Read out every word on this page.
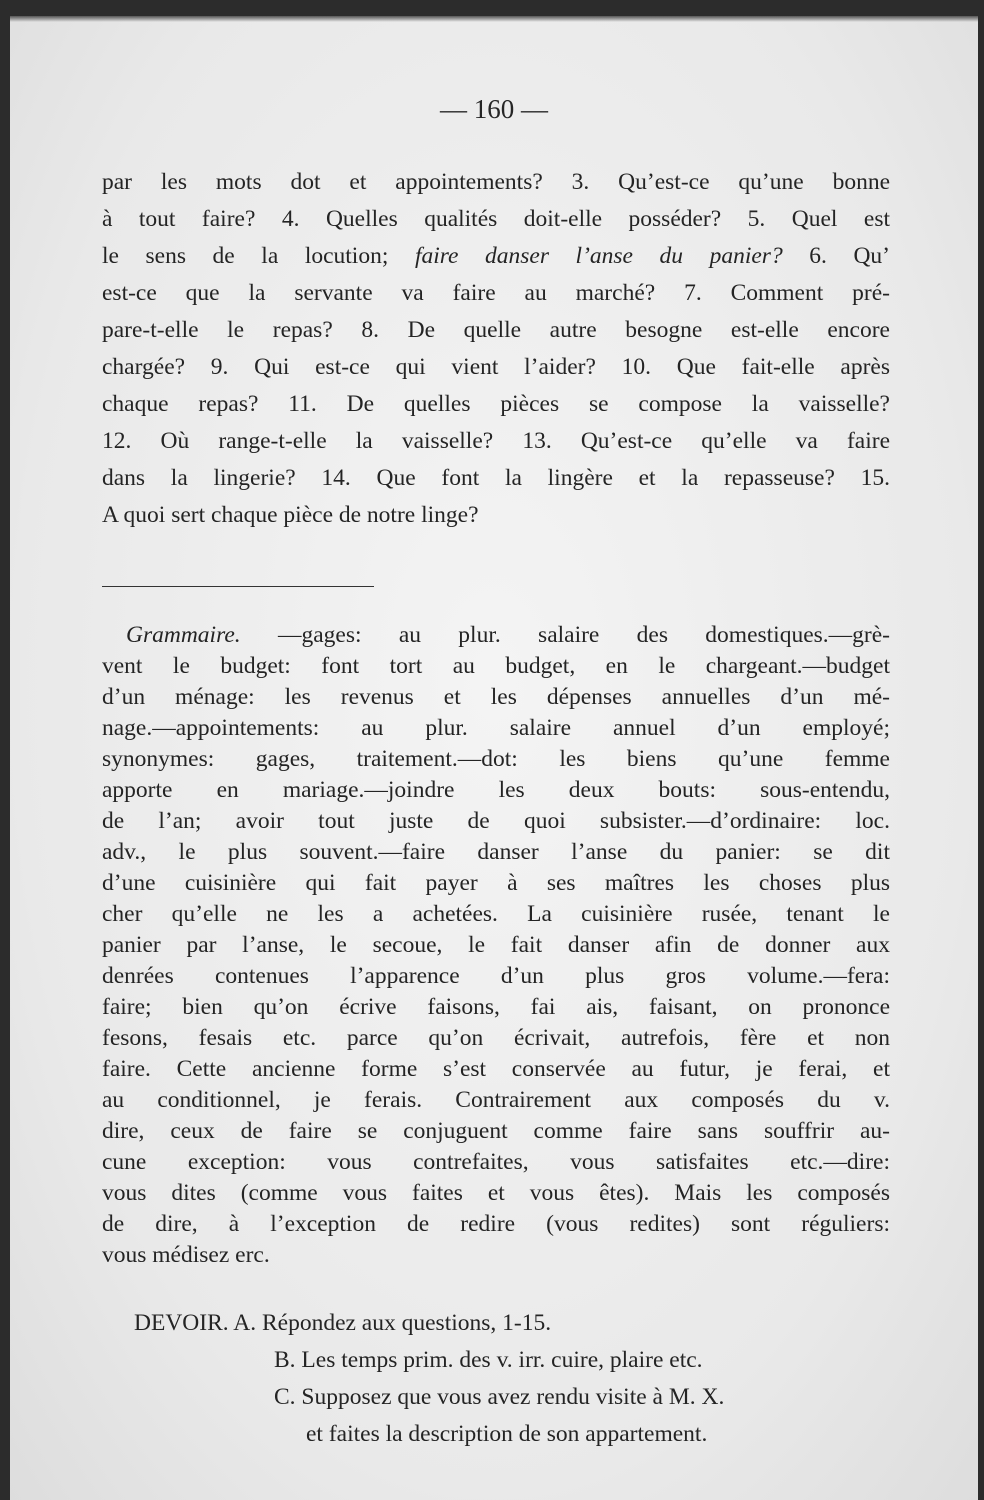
— 160 —
par les mots dot et appointements? 3. Qu’est-ce qu’une bonne
à tout faire? 4. Quelles qualités doit-elle posséder? 5. Quel est
le sens de la locution; faire danser l’anse du panier? 6. Qu’
est-ce que la servante va faire au marché? 7. Comment pré-
pare-t-elle le repas? 8. De quelle autre besogne est-elle encore
chargée? 9. Qui est-ce qui vient l’aider? 10. Que fait-elle après
chaque repas? 11. De quelles pièces se compose la vaisselle?
12. Où range-t-elle la vaisselle? 13. Qu’est-ce qu’elle va faire
dans la lingerie? 14. Que font la lingère et la repasseuse? 15.
A quoi sert chaque pièce de notre linge?
Grammaire. —gages: au plur. salaire des domestiques.—grè-
vent le budget: font tort au budget, en le chargeant.—budget
d’un ménage: les revenus et les dépenses annuelles d’un mé-
nage.—appointements: au plur. salaire annuel d’un employé;
synonymes: gages, traitement.—dot: les biens qu’une femme
apporte en mariage.—joindre les deux bouts: sous-entendu,
de l’an; avoir tout juste de quoi subsister.—d’ordinaire: loc.
adv., le plus souvent.—faire danser l’anse du panier: se dit
d’une cuisinière qui fait payer à ses maîtres les choses plus
cher qu’elle ne les a achetées. La cuisinière rusée, tenant le
panier par l’anse, le secoue, le fait danser afin de donner aux
denrées contenues l’apparence d’un plus gros volume.—fera:
faire; bien qu’on écrive faisons, fai ais, faisant, on prononce
fesons, fesais etc. parce qu’on écrivait, autrefois, fère et non
faire. Cette ancienne forme s’est conservée au futur, je ferai, et
au conditionnel, je ferais. Contrairement aux composés du v.
dire, ceux de faire se conjuguent comme faire sans souffrir au-
cune exception: vous contrefaites, vous satisfaites etc.—dire:
vous dites (comme vous faites et vous êtes). Mais les composés
de dire, à l’exception de redire (vous redites) sont réguliers:
vous médisez erc.
DEVOIR. A. Répondez aux questions, 1-15.
B. Les temps prim. des v. irr. cuire, plaire etc.
C. Supposez que vous avez rendu visite à M. X.
et faites la description de son appartement.
